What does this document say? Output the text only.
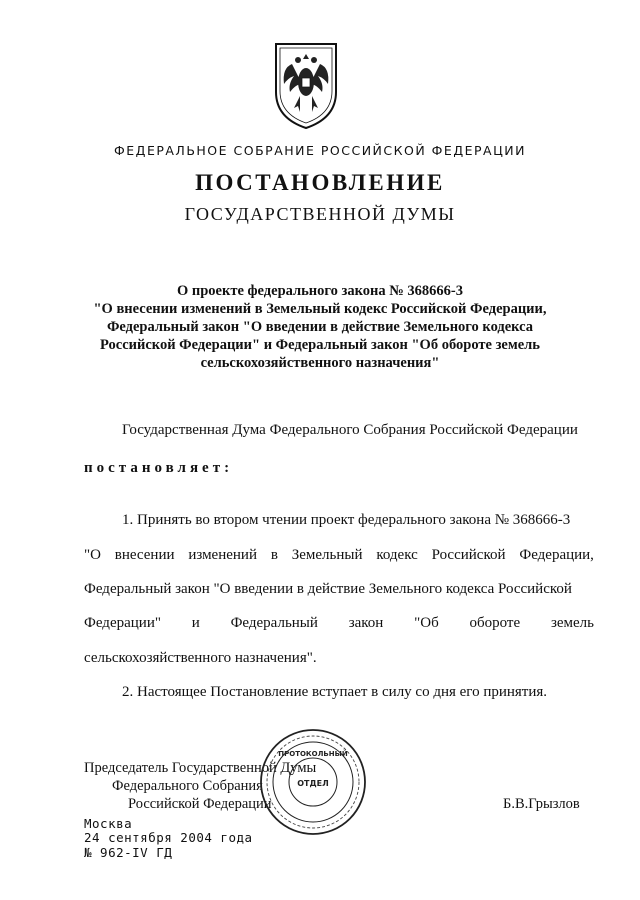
ФЕДЕРАЛЬНОЕ СОБРАНИЕ РОССИЙСКОЙ ФЕДЕРАЦИИ
ПОСТАНОВЛЕНИЕ
ГОСУДАРСТВЕННОЙ ДУМЫ
О проекте федерального закона № 368666-3
"О внесении изменений в Земельный кодекс Российской Федерации,
Федеральный закон "О введении в действие Земельного кодекса
Российской Федерации" и Федеральный закон "Об обороте земель
сельскохозяйственного назначения"
Государственная Дума Федерального Собрания Российской Федерации
постановляет:
1. Принять во втором чтении проект федерального закона № 368666-3
"О внесении изменений в Земельный кодекс Российской Федерации,
Федеральный закон "О введении в действие Земельного кодекса Российской
Федерации" и Федеральный закон "Об обороте земель
сельскохозяйственного назначения".
2. Настоящее Постановление вступает в силу со дня его принятия.
Председатель Государственной Думы
Федерального Собрания
Российской Федерации	Б.В.Грызлов
Москва
24 сентября 2004 года
№ 962-IV ГД
ПРОТОКОЛЬНЫЙ
ОТДЕЛ
